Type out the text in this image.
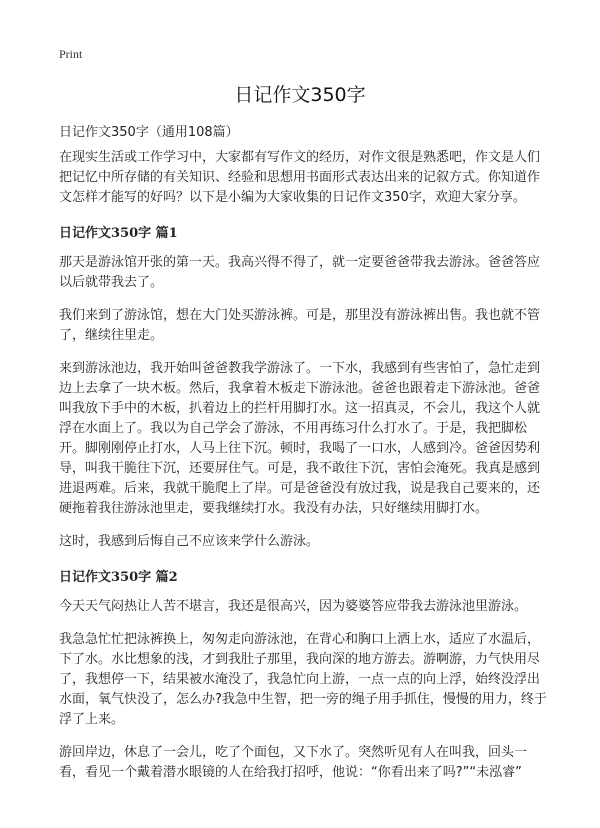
Print
日记作文350字
日记作文350字（通用108篇）

在现实生活或工作学习中，大家都有写作文的经历，对作文很是熟悉吧，作文是人们把记忆中所存储的有关知识、经验和思想用书面形式表达出来的记叙方式。你知道作文怎样才能写的好吗？以下是小编为大家收集的日记作文350字，欢迎大家分享。

日记作文350字 篇1

那天是游泳馆开张的第一天。我高兴得不得了，就一定要爸爸带我去游泳。爸爸答应以后就带我去了。

我们来到了游泳馆，想在大门处买游泳裤。可是，那里没有游泳裤出售。我也就不管了，继续往里走。

来到游泳池边，我开始叫爸爸教我学游泳了。一下水，我感到有些害怕了，急忙走到边上去拿了一块木板。然后，我拿着木板走下游泳池。爸爸也跟着走下游泳池。爸爸叫我放下手中的木板，扒着边上的拦杆用脚打水。这一招真灵，不会儿，我这个人就浮在水面上了。我以为自己学会了游泳，不用再练习什么打水了。于是，我把脚松开。脚刚刚停止打水，人马上往下沉。顿时，我喝了一口水，人感到冷。爸爸因势利导，叫我干脆往下沉，还要屏住气。可是，我不敢往下沉，害怕会淹死。我真是感到进退两难。后来，我就干脆爬上了岸。可是爸爸没有放过我，说是我自己要来的，还硬拖着我往游泳池里走，要我继续打水。我没有办法，只好继续用脚打水。

这时，我感到后悔自己不应该来学什么游泳。

日记作文350字 篇2

今天天气闷热让人苦不堪言，我还是很高兴，因为婆婆答应带我去游泳池里游泳。

我急急忙忙把泳裤换上，匆匆走向游泳池，在背心和胸口上洒上水，适应了水温后，下了水。水比想象的浅，才到我肚子那里，我向深的地方游去。游啊游，力气快用尽了，我想停一下，结果被水淹没了，我急忙向上游，一点一点的向上浮，始终没浮出水面，氧气快没了，怎么办?我急中生智，把一旁的绳子用手抓住，慢慢的用力，终于浮了上来。

游回岸边，休息了一会儿，吃了个面包，又下水了。突然听见有人在叫我，回头一看，看见一个戴着潜水眼镜的人在给我打招呼，他说：“你看出来了吗?”“未泓睿”
